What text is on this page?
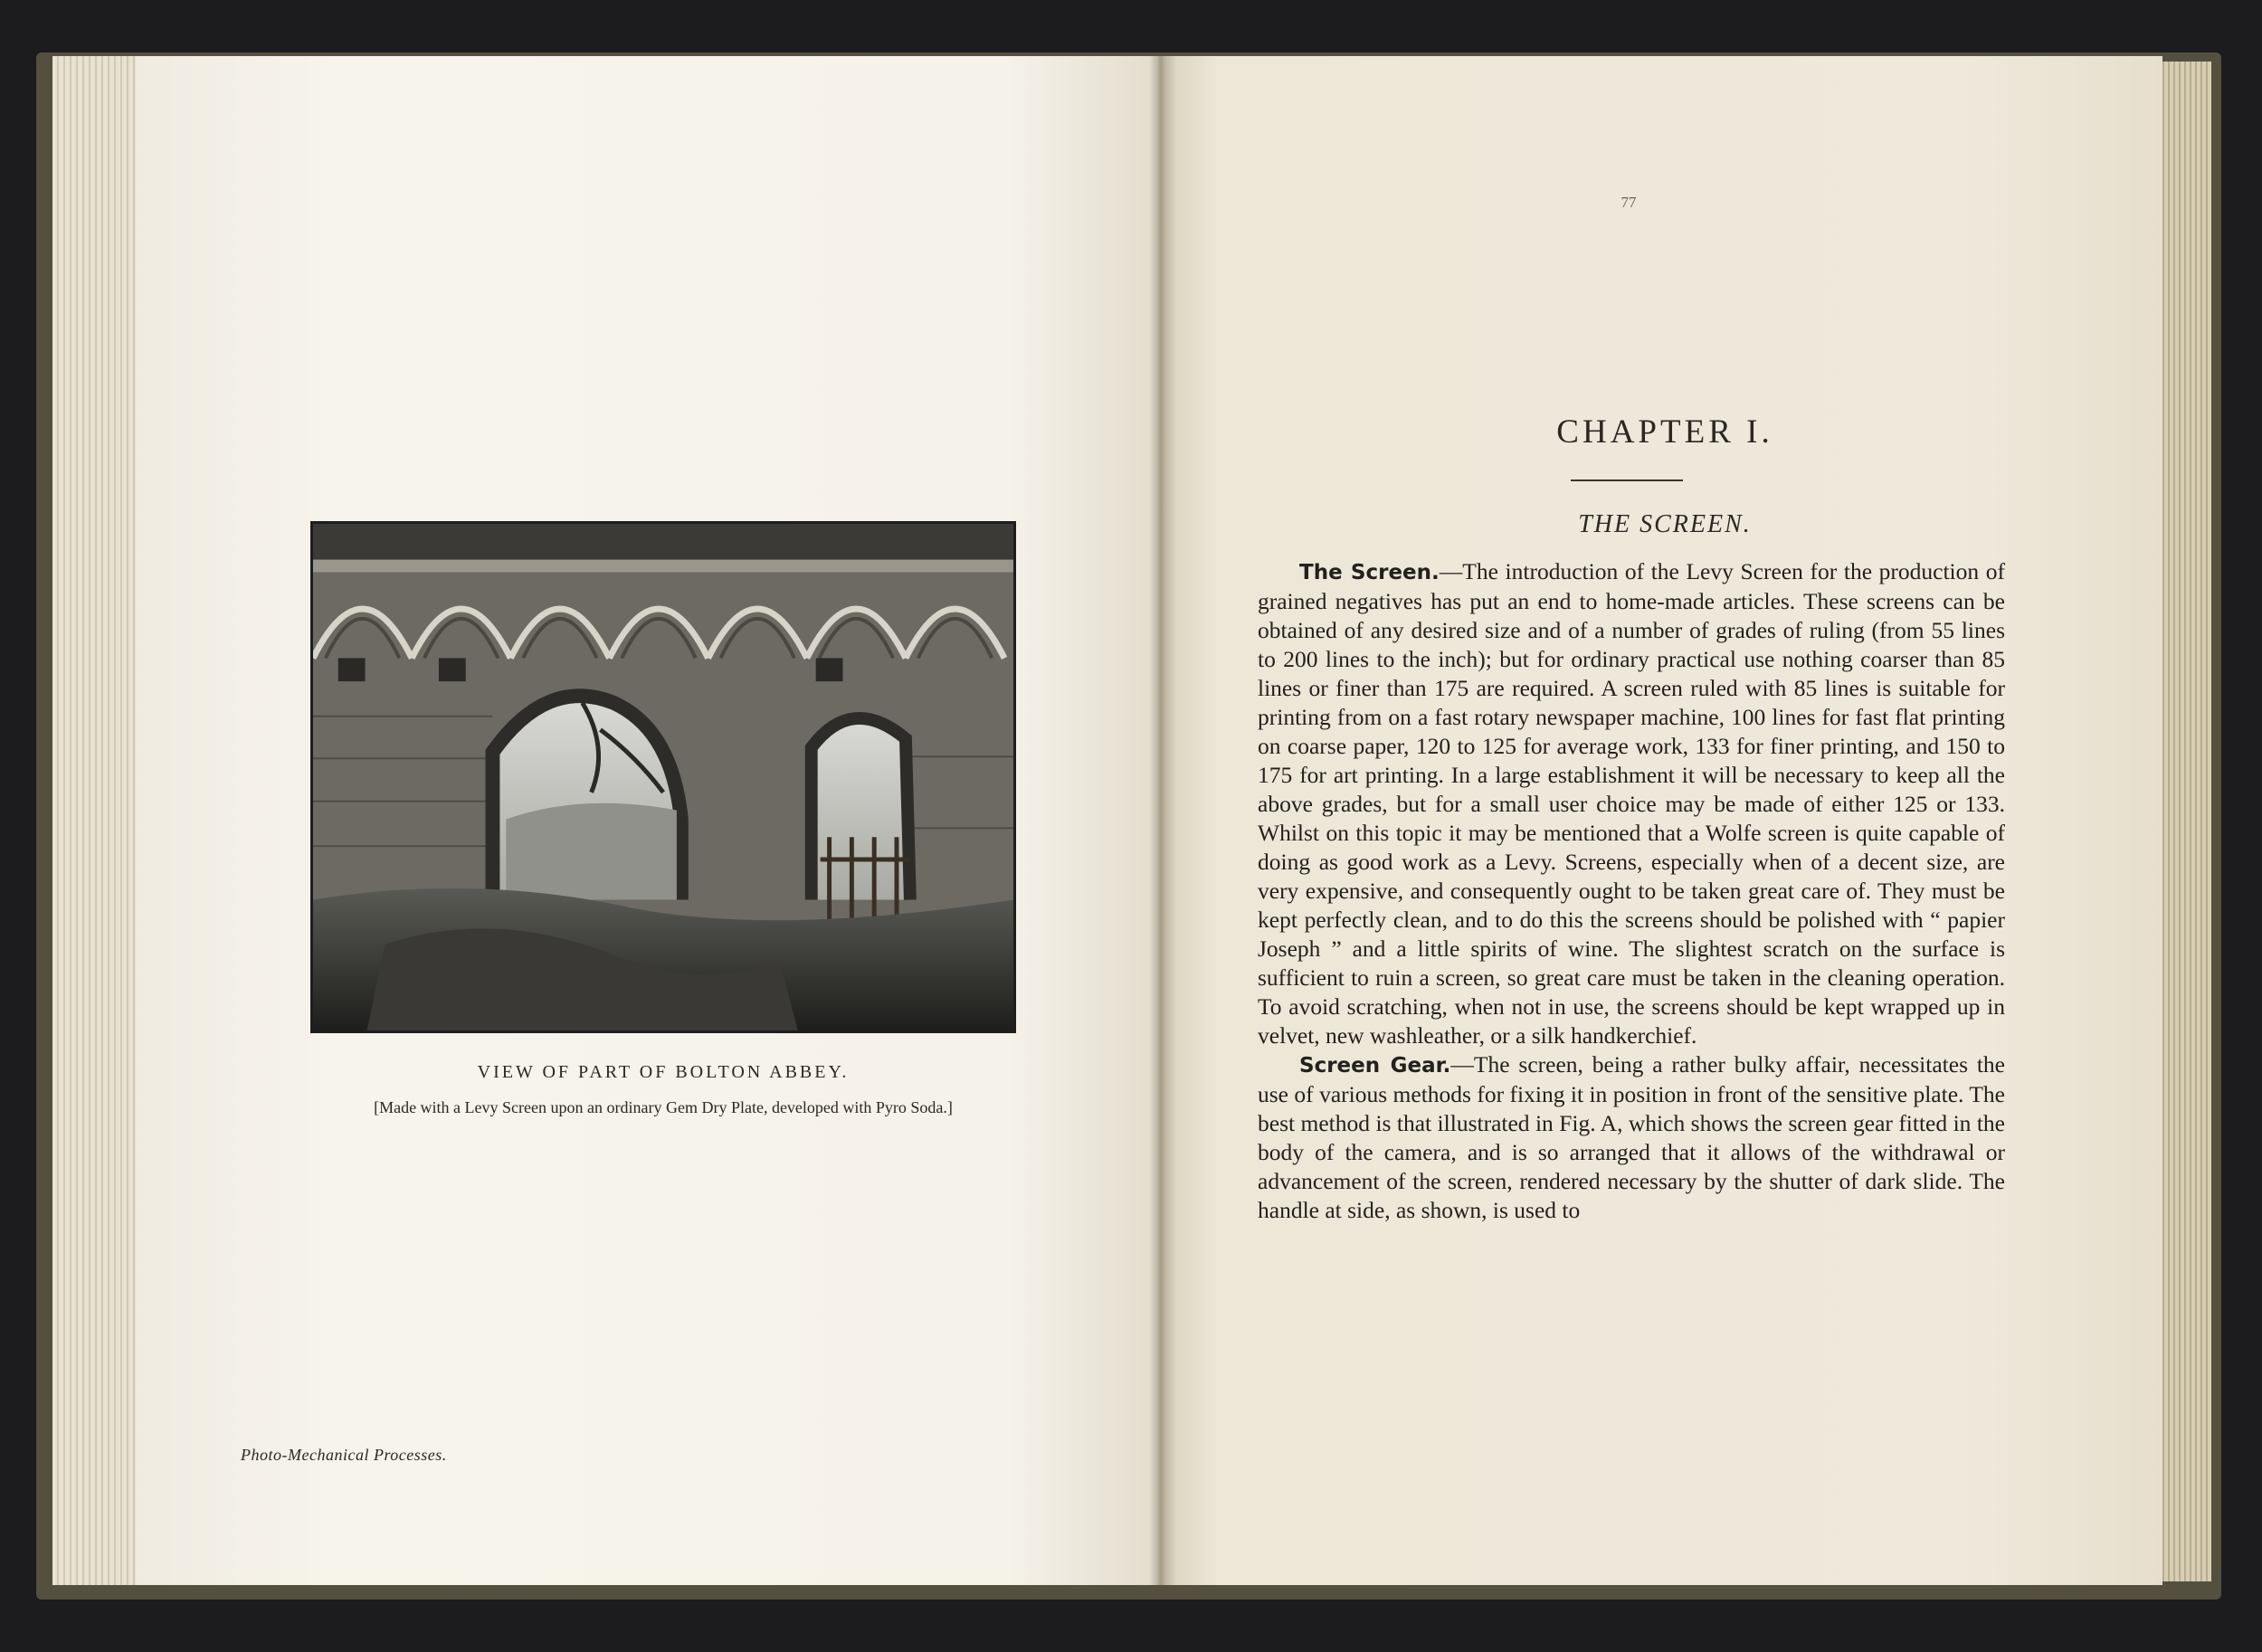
VIEW OF PART OF BOLTON ABBEY.
[Made with a Levy Screen upon an ordinary Gem Dry Plate, developed with Pyro Soda.]
Photo-Mechanical Processes.
77
CHAPTER I.
THE SCREEN.

The Screen.—The introduction of the Levy Screen for the production of grained negatives has put an end to home-made articles. These screens can be obtained of any desired size and of a number of grades of ruling (from 55 lines to 200 lines to the inch); but for ordinary practical use nothing coarser than 85 lines or finer than 175 are required. A screen ruled with 85 lines is suitable for printing from on a fast rotary newspaper machine, 100 lines for fast flat printing on coarse paper, 120 to 125 for average work, 133 for finer printing, and 150 to 175 for art printing. In a large establishment it will be necessary to keep all the above grades, but for a small user choice may be made of either 125 or 133. Whilst on this topic it may be mentioned that a Wolfe screen is quite capable of doing as good work as a Levy. Screens, especially when of a decent size, are very expensive, and consequently ought to be taken great care of. They must be kept perfectly clean, and to do this the screens should be polished with “ papier Joseph ” and a little spirits of wine. The slightest scratch on the surface is sufficient to ruin a screen, so great care must be taken in the cleaning operation. To avoid scratching, when not in use, the screens should be kept wrapped up in velvet, new washleather, or a silk handkerchief.

Screen Gear.—The screen, being a rather bulky affair, necessitates the use of various methods for fixing it in position in front of the sensitive plate. The best method is that illustrated in Fig. A, which shows the screen gear fitted in the body of the camera, and is so arranged that it allows of the withdrawal or advancement of the screen, rendered necessary by the shutter of dark slide. The handle at side, as shown, is used to
